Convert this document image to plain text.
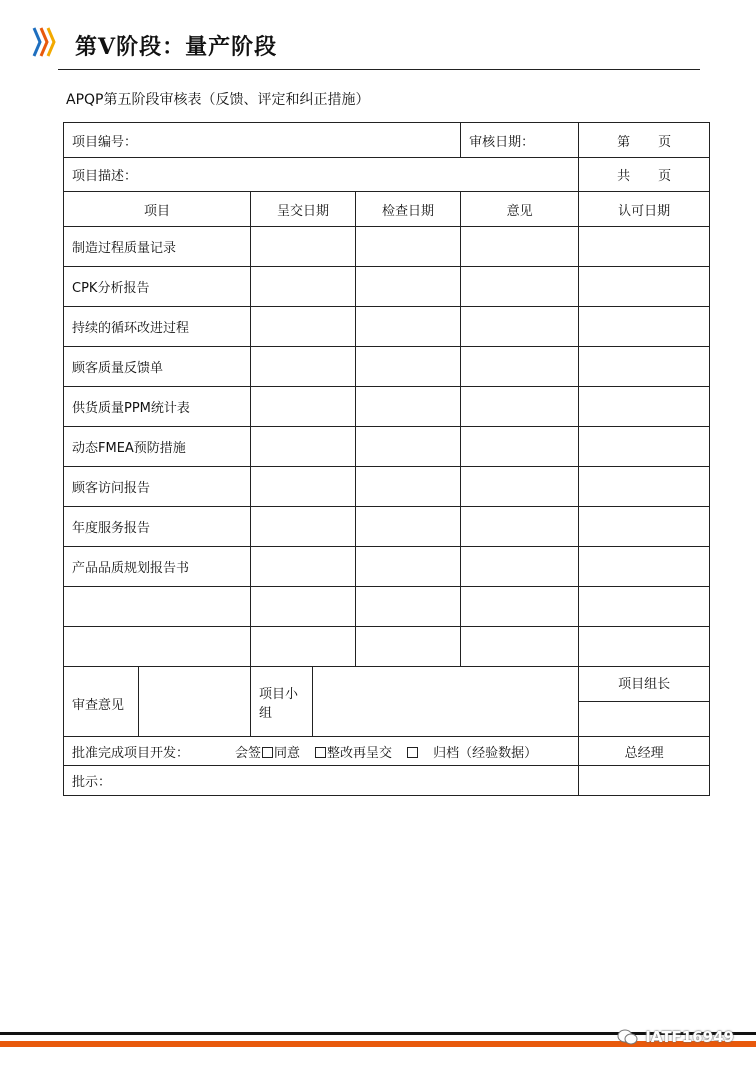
第Ⅴ阶段：量产阶段
APQP第五阶段审核表（反馈、评定和纠正措施）
项目编号：					审核日期：	第 页
项目描述：						共 页
项目		呈交日期		检查日期	意见	认可日期
制造过程质量记录						
CPK分析报告						
持续的循环改进过程						
顾客质量反馈单						
供货质量PPM统计表						
动态FMEA预防措施						
顾客访问报告						
年度服务报告						
产品品质规划报告书						

审查意见		项目小组				项目组长

批准完成项目开发： 会签 同意 整改再呈交 归档（经验数据）						总经理
批示：						
IATF16949
